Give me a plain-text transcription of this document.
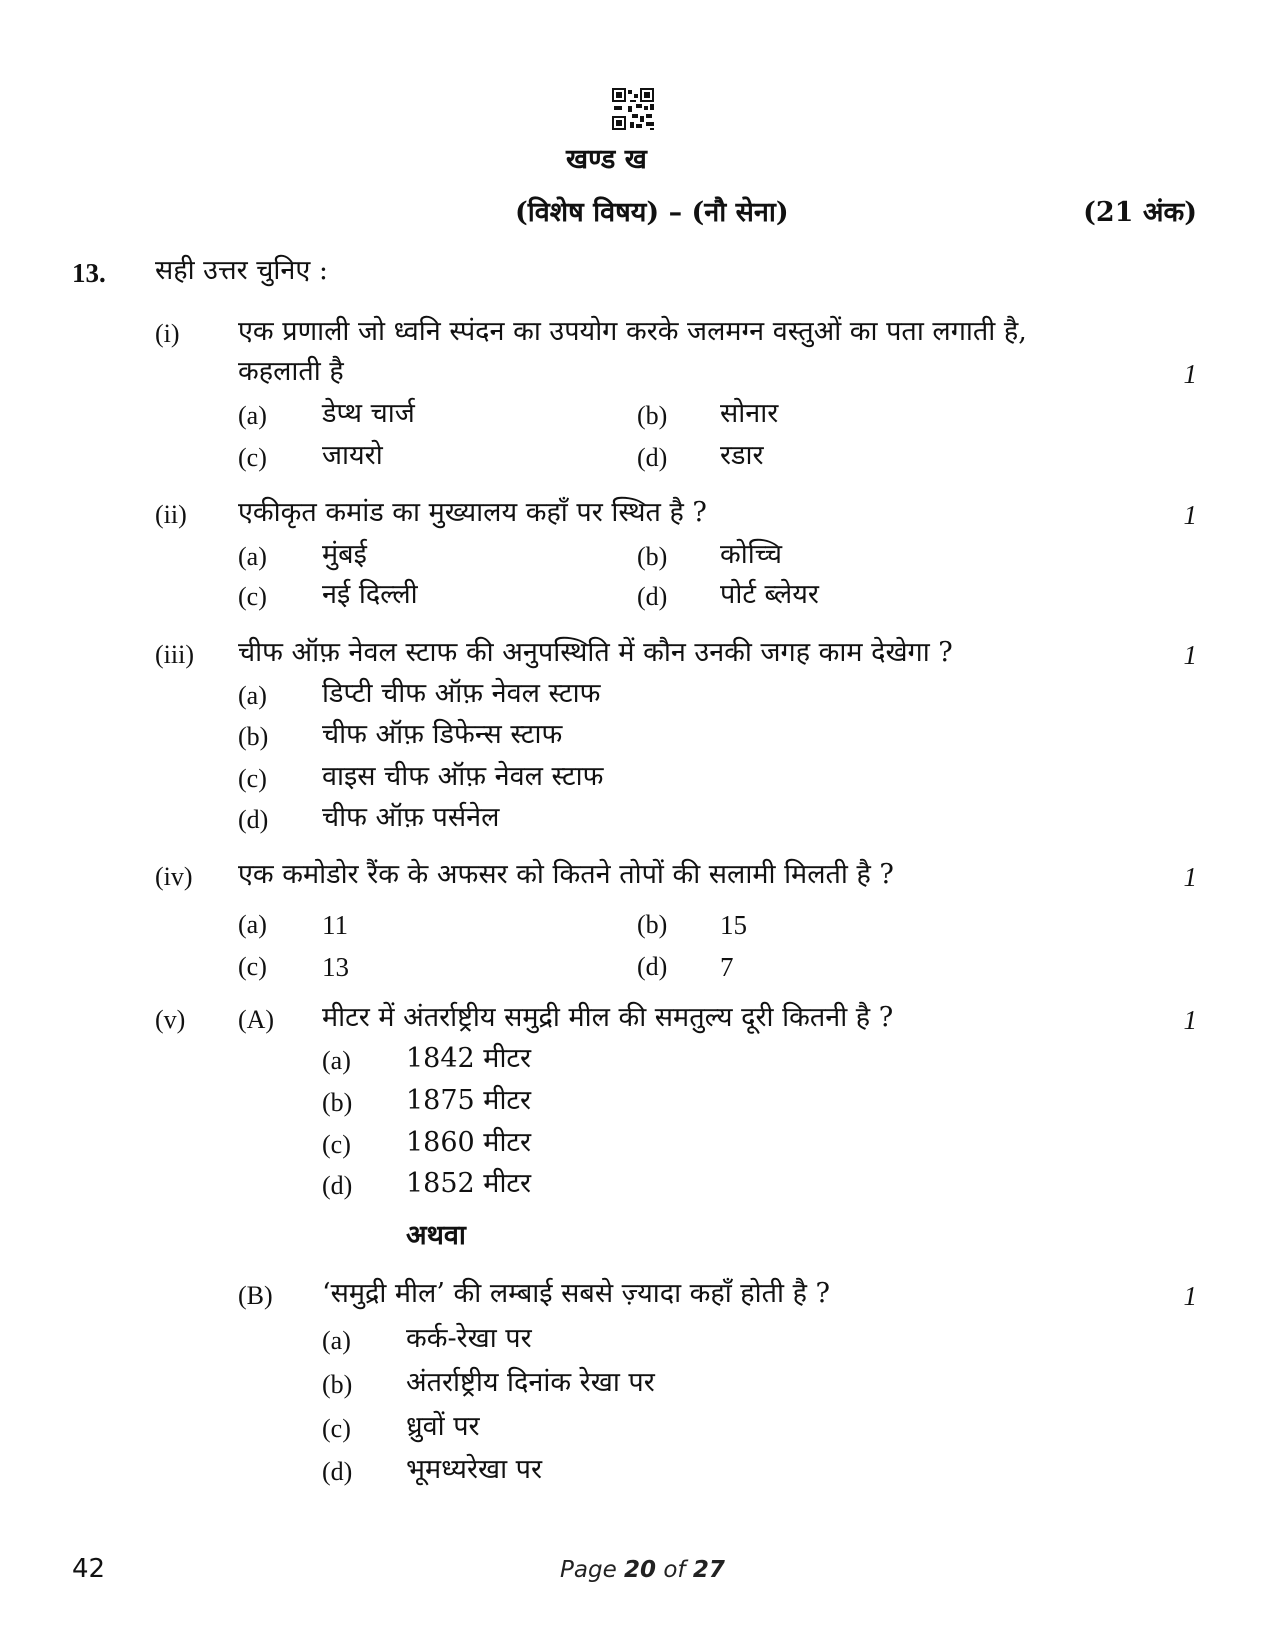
खण्ड ख
(विशेष विषय) – (नौ सेना)	(21 अंक)
13. सही उत्तर चुनिए :
(i) एक प्रणाली जो ध्वनि स्पंदन का उपयोग करके जलमग्न वस्तुओं का पता लगाती है,
कहलाती है	1
(a) डेप्थ चार्ज	(b) सोनार
(c) जायरो	(d) रडार
(ii) एकीकृत कमांड का मुख्यालय कहाँ पर स्थित है ?	1
(a) मुंबई	(b) कोच्चि
(c) नई दिल्ली	(d) पोर्ट ब्लेयर
(iii) चीफ ऑफ़ नेवल स्टाफ की अनुपस्थिति में कौन उनकी जगह काम देखेगा ?	1
(a) डिप्टी चीफ ऑफ़ नेवल स्टाफ
(b) चीफ ऑफ़ डिफेन्स स्टाफ
(c) वाइस चीफ ऑफ़ नेवल स्टाफ
(d) चीफ ऑफ़ पर्सनेल
(iv) एक कमोडोर रैंक के अफसर को कितने तोपों की सलामी मिलती है ?	1
(a) 11	(b) 15
(c) 13	(d) 7
(v) (A) मीटर में अंतर्राष्ट्रीय समुद्री मील की समतुल्य दूरी कितनी है ?	1
(a) 1842 मीटर
(b) 1875 मीटर
(c) 1860 मीटर
(d) 1852 मीटर
अथवा
(B) ‘समुद्री मील’ की लम्बाई सबसे ज़्यादा कहाँ होती है ?	1
(a) कर्क-रेखा पर
(b) अंतर्राष्ट्रीय दिनांक रेखा पर
(c) ध्रुवों पर
(d) भूमध्यरेखा पर
42	Page 20 of 27
